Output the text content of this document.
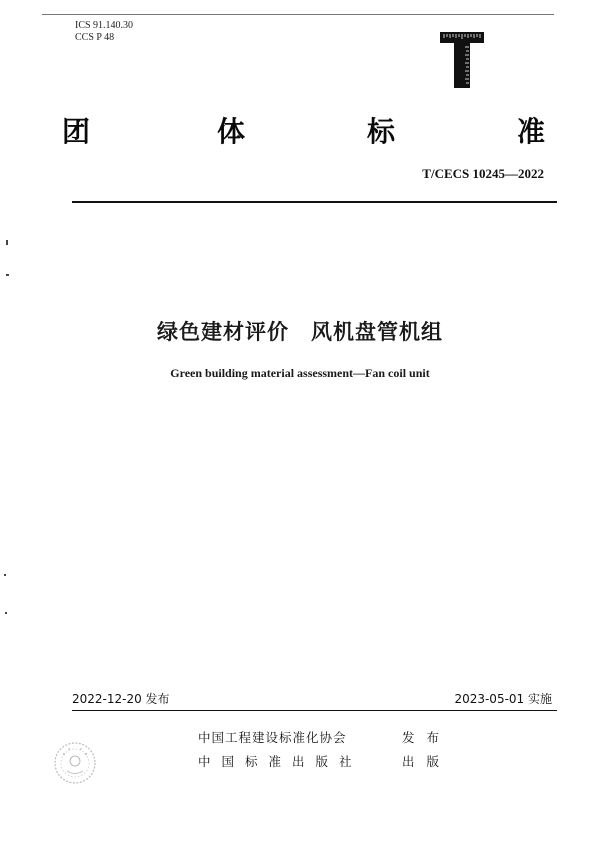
ICS 91.140.30
CCS P 48
团	体	标	准
T/CECS 10245—2022
绿色建材评价　风机盘管机组
Green building material assessment—Fan coil unit
2022-12-20 发布	2023-05-01 实施
中国工程建设标准化协会	发 布
中国标准出版社	出 版
